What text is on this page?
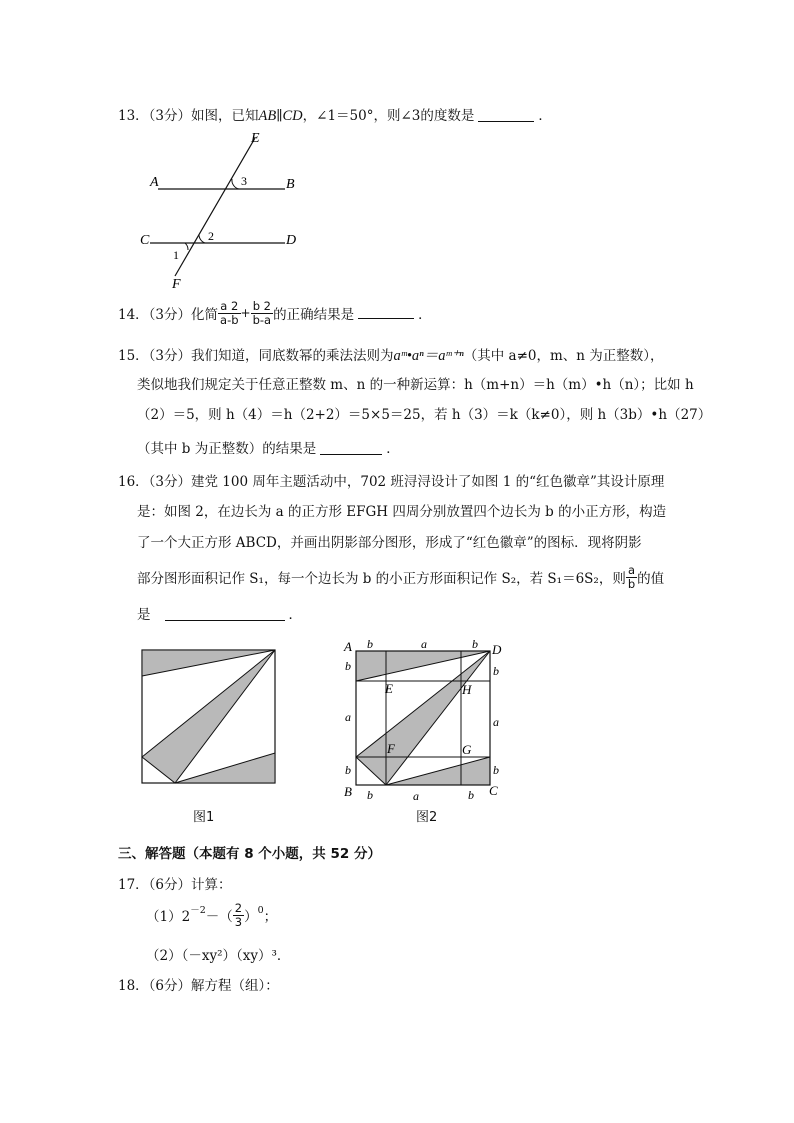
13．（3分）如图，已知AB∥CD，∠1＝50°，则∠3的度数是	．
A	B
C	D
E
F
1
2
3
14．（3分）化简 $\frac{a 2}{a-b} + \frac{b 2}{b-a}$ 的正确结果是	．
15．（3分）我们知道，同底数幂的乘法法则为aᵐ•aⁿ＝aᵐ⁺ⁿ（其中 a≠0，m、n 为正整数），
类似地我们规定关于任意正整数 m、n 的一种新运算：h（m+n）＝h（m）•h（n）；比如 h
（2）＝5，则 h（4）＝h（2+2）＝5×5＝25，若 h（3）＝k（k≠0），则 h（3b）•h（27）
（其中 b 为正整数）的结果是	．
16．（3分）建党 100 周年主题活动中，702 班浔浔设计了如图 1 的“红色徽章”其设计原理
是：如图 2，在边长为 a 的正方形 EFGH 四周分别放置四个边长为 b 的小正方形，构造
了一个大正方形 ABCD，并画出阴影部分图形，形成了“红色徽章”的图标．现将阴影
部分图形面积记作 S₁，每一个边长为 b 的小正方形面积记作 S₂，若 S₁＝6S₂，则 $\frac{a}{b}$ 的值
是	．
图1
A	D
B	C
E	H
F	G
b	a	b
b
a
b
b
a
b
b	a	b
图2
三、解答题（本题有 8 个小题，共 52 分）
17．（6分）计算：
$(1)2^{-2}-( \frac{2}{3} )^0$；
（2）（－xy²）（xy）³．
18．（6分）解方程（组）：
